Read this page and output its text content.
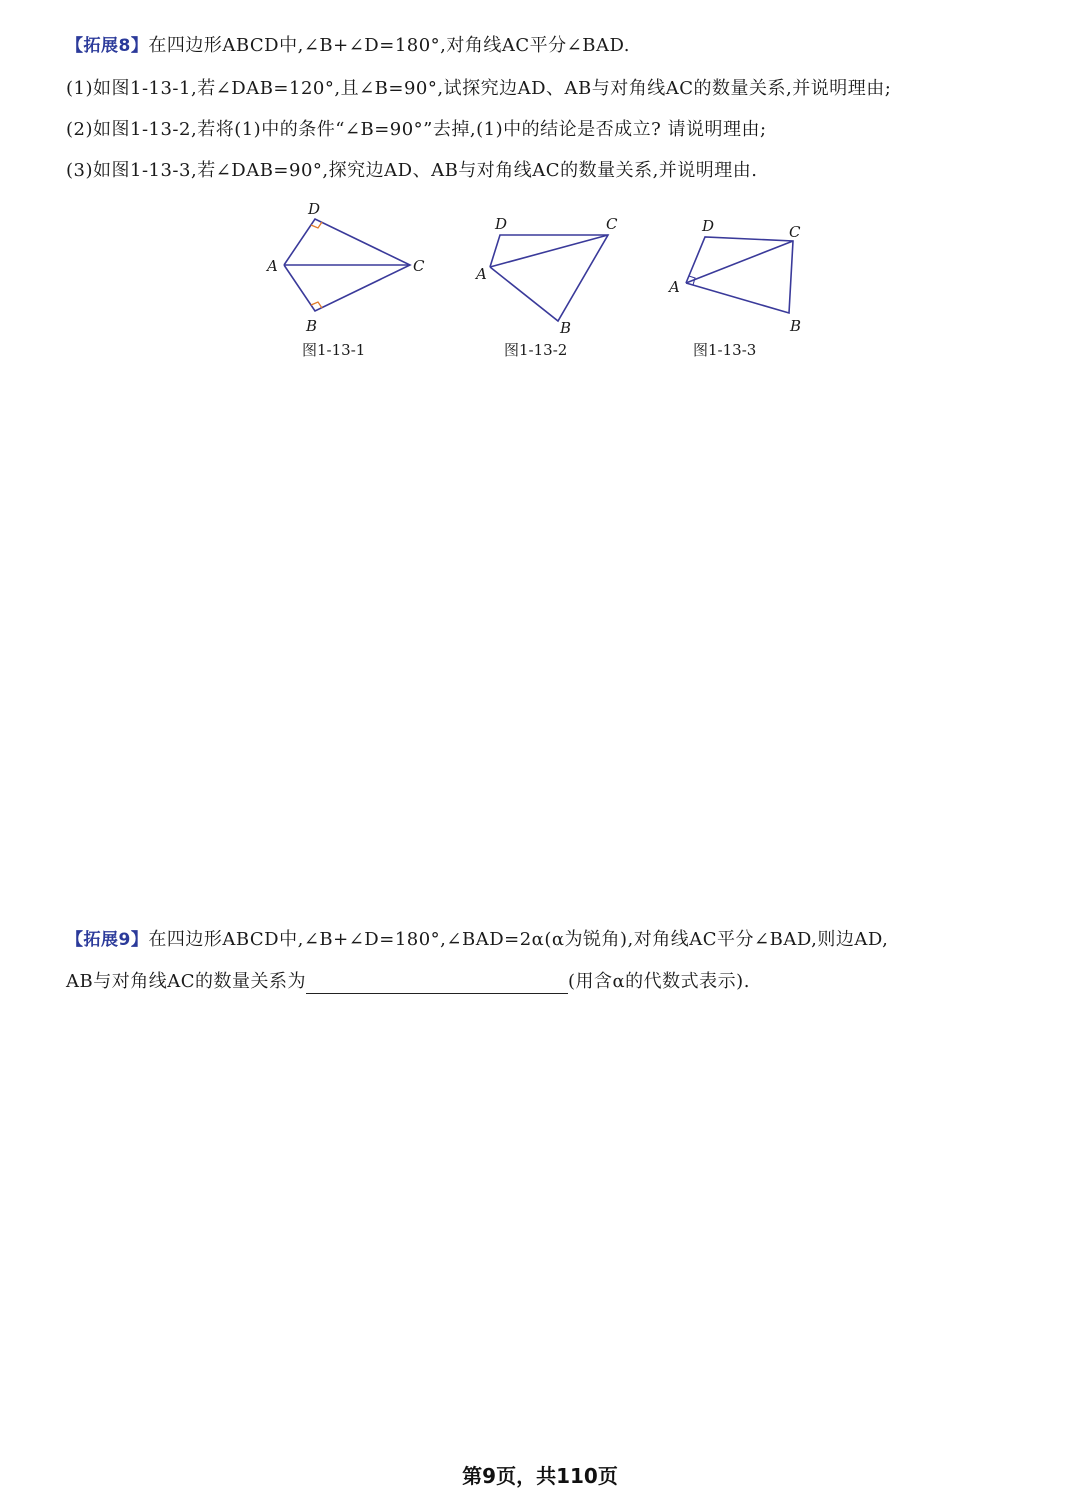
【拓展8】在四边形ABCD中,∠B+∠D=180°,对角线AC平分∠BAD.
(1)如图1-13-1,若∠DAB=120°,且∠B=90°,试探究边AD、AB与对角线AC的数量关系,并说明理由;
(2)如图1-13-2,若将(1)中的条件“∠B=90°”去掉,(1)中的结论是否成立? 请说明理由;
(3)如图1-13-3,若∠DAB=90°,探究边AD、AB与对角线AC的数量关系,并说明理由.
D
A	C
B
图1-13-1
D	C
A
B
图1-13-2
D	C
A
B
图1-13-3
【拓展9】在四边形ABCD中,∠B+∠D=180°,∠BAD=2α(α为锐角),对角线AC平分∠BAD,则边AD,
AB与对角线AC的数量关系为	(用含α的代数式表示).
第9页，共110页
